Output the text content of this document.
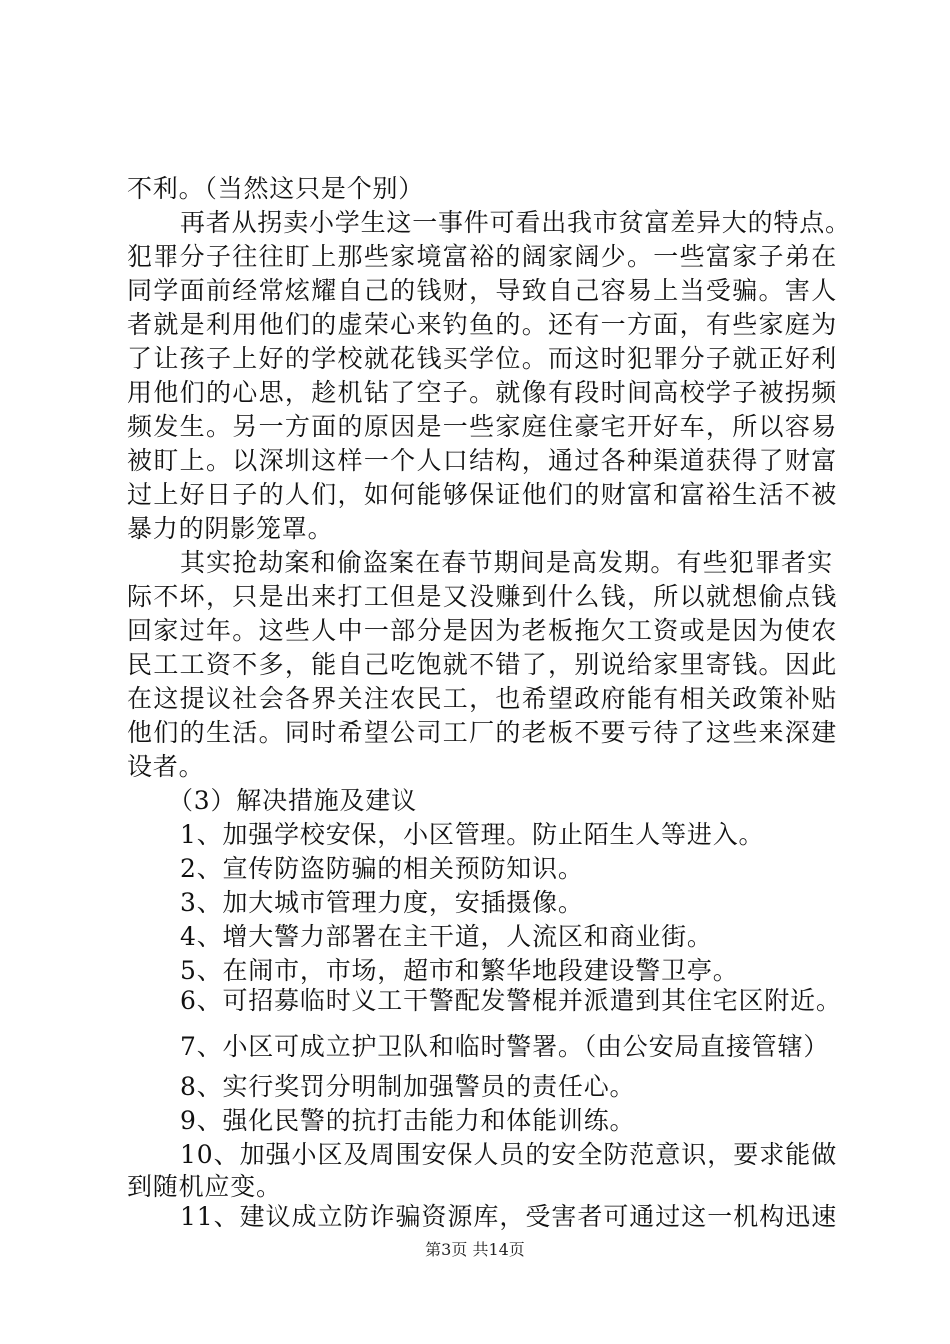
不利。（当然这只是个别）
再者从拐卖小学生这一事件可看出我市贫富差异大的特点。
犯罪分子往往盯上那些家境富裕的阔家阔少。一些富家子弟在
同学面前经常炫耀自己的钱财，导致自己容易上当受骗。害人
者就是利用他们的虚荣心来钓鱼的。还有一方面，有些家庭为
了让孩子上好的学校就花钱买学位。而这时犯罪分子就正好利
用他们的心思，趁机钻了空子。就像有段时间高校学子被拐频
频发生。另一方面的原因是一些家庭住豪宅开好车，所以容易
被盯上。以深圳这样一个人口结构，通过各种渠道获得了财富
过上好日子的人们，如何能够保证他们的财富和富裕生活不被
暴力的阴影笼罩。
其实抢劫案和偷盗案在春节期间是高发期。有些犯罪者实
际不坏，只是出来打工但是又没赚到什么钱，所以就想偷点钱
回家过年。这些人中一部分是因为老板拖欠工资或是因为使农
民工工资不多，能自己吃饱就不错了，别说给家里寄钱。因此
在这提议社会各界关注农民工，也希望政府能有相关政策补贴
他们的生活。同时希望公司工厂的老板不要亏待了这些来深建
设者。
（3）解决措施及建议
1、加强学校安保，小区管理。防止陌生人等进入。
2、宣传防盗防骗的相关预防知识。
3、加大城市管理力度，安插摄像。
4、增大警力部署在主干道，人流区和商业街。
5、在闹市，市场，超市和繁华地段建设警卫亭。
6、可招募临时义工干警配发警棍并派遣到其住宅区附近。
7、小区可成立护卫队和临时警署。（由公安局直接管辖）
8、实行奖罚分明制加强警员的责任心。
9、强化民警的抗打击能力和体能训练。
10、加强小区及周围安保人员的安全防范意识，要求能做
到随机应变。
11、建议成立防诈骗资源库，受害者可通过这一机构迅速
第3页 共14页
